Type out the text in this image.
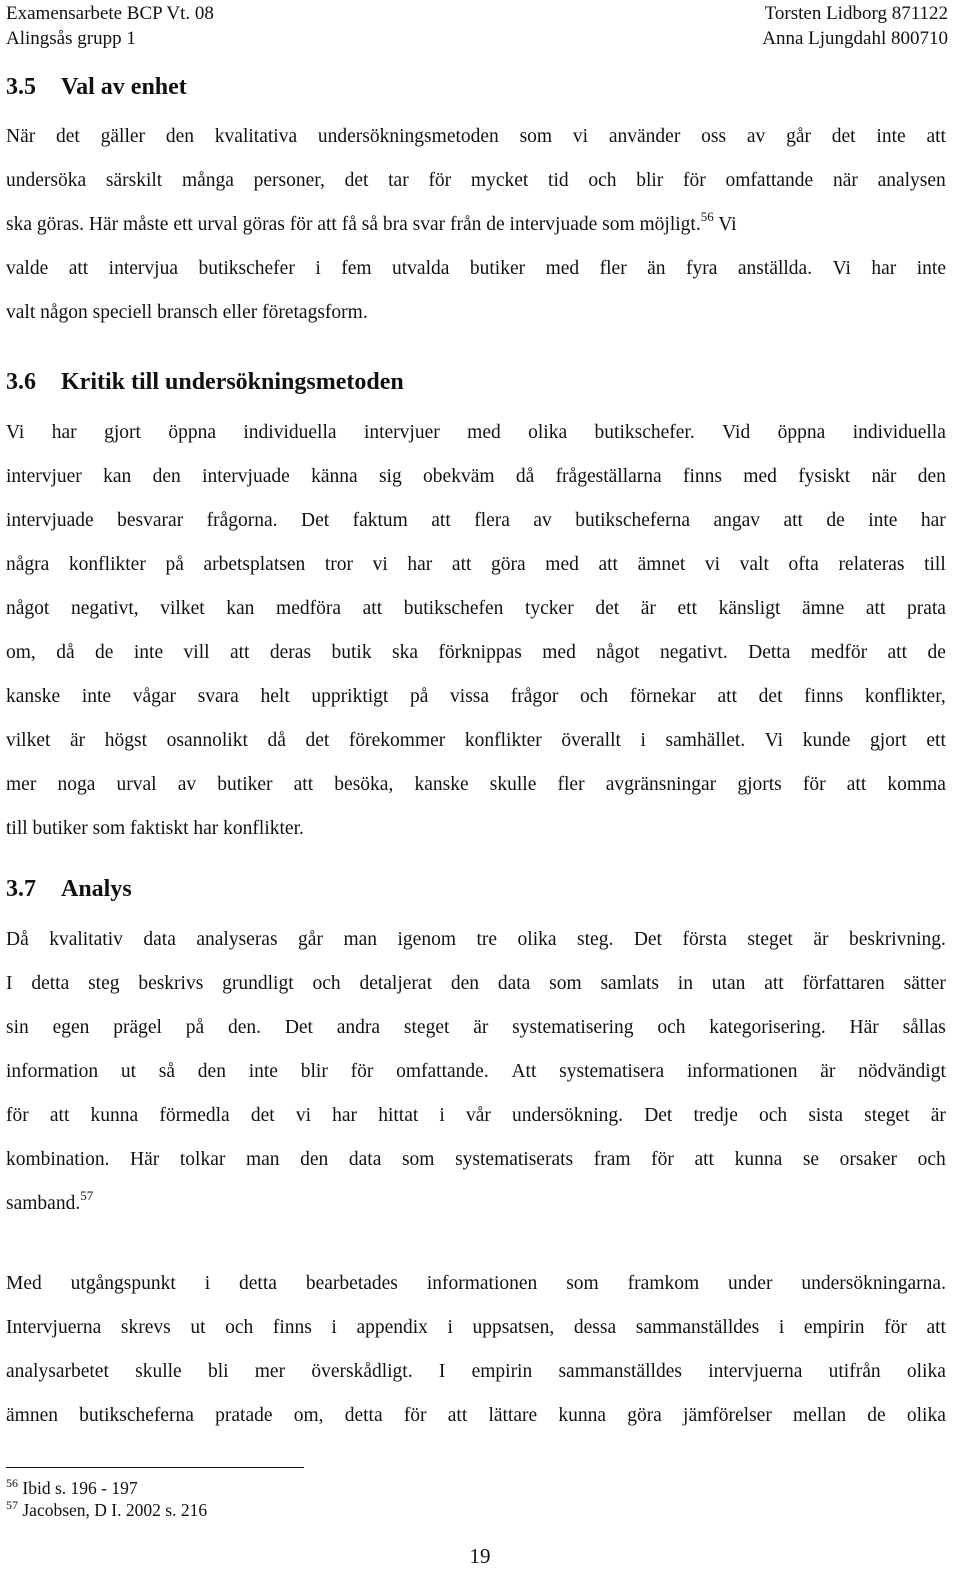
Examensarbete BCP Vt. 08
Alingsås grupp 1
Torsten Lidborg 871122
Anna Ljungdahl 800710
3.5 Val av enhet
När det gäller den kvalitativa undersökningsmetoden som vi använder oss av går det inte att
undersöka särskilt många personer, det tar för mycket tid och blir för omfattande när analysen
ska göras. Här måste ett urval göras för att få så bra svar från de intervjuade som möjligt.$^{56}$ Vi
valde att intervjua butikschefer i fem utvalda butiker med fler än fyra anställda. Vi har inte
valt någon speciell bransch eller företagsform.
3.6 Kritik till undersökningsmetoden
Vi har gjort öppna individuella intervjuer med olika butikschefer. Vid öppna individuella
intervjuer kan den intervjuade känna sig obekväm då frågeställarna finns med fysiskt när den
intervjuade besvarar frågorna. Det faktum att flera av butikscheferna angav att de inte har
några konflikter på arbetsplatsen tror vi har att göra med att ämnet vi valt ofta relateras till
något negativt, vilket kan medföra att butikschefen tycker det är ett känsligt ämne att prata
om, då de inte vill att deras butik ska förknippas med något negativt. Detta medför att de
kanske inte vågar svara helt uppriktigt på vissa frågor och förnekar att det finns konflikter,
vilket är högst osannolikt då det förekommer konflikter överallt i samhället. Vi kunde gjort ett
mer noga urval av butiker att besöka, kanske skulle fler avgränsningar gjorts för att komma
till butiker som faktiskt har konflikter.
3.7 Analys
Då kvalitativ data analyseras går man igenom tre olika steg. Det första steget är beskrivning.
I detta steg beskrivs grundligt och detaljerat den data som samlats in utan att författaren sätter
sin egen prägel på den. Det andra steget är systematisering och kategorisering. Här sållas
information ut så den inte blir för omfattande. Att systematisera informationen är nödvändigt
för att kunna förmedla det vi har hittat i vår undersökning. Det tredje och sista steget är
kombination. Här tolkar man den data som systematiserats fram för att kunna se orsaker och
samband.$^{57}$
Med utgångspunkt i detta bearbetades informationen som framkom under undersökningarna.
Intervjuerna skrevs ut och finns i appendix i uppsatsen, dessa sammanställdes i empirin för att
analysarbetet skulle bli mer överskådligt. I empirin sammanställdes intervjuerna utifrån olika
ämnen butikscheferna pratade om, detta för att lättare kunna göra jämförelser mellan de olika
$^{56}$ Ibid s. 196 - 197
$^{57}$ Jacobsen, D I. 2002 s. 216
19
